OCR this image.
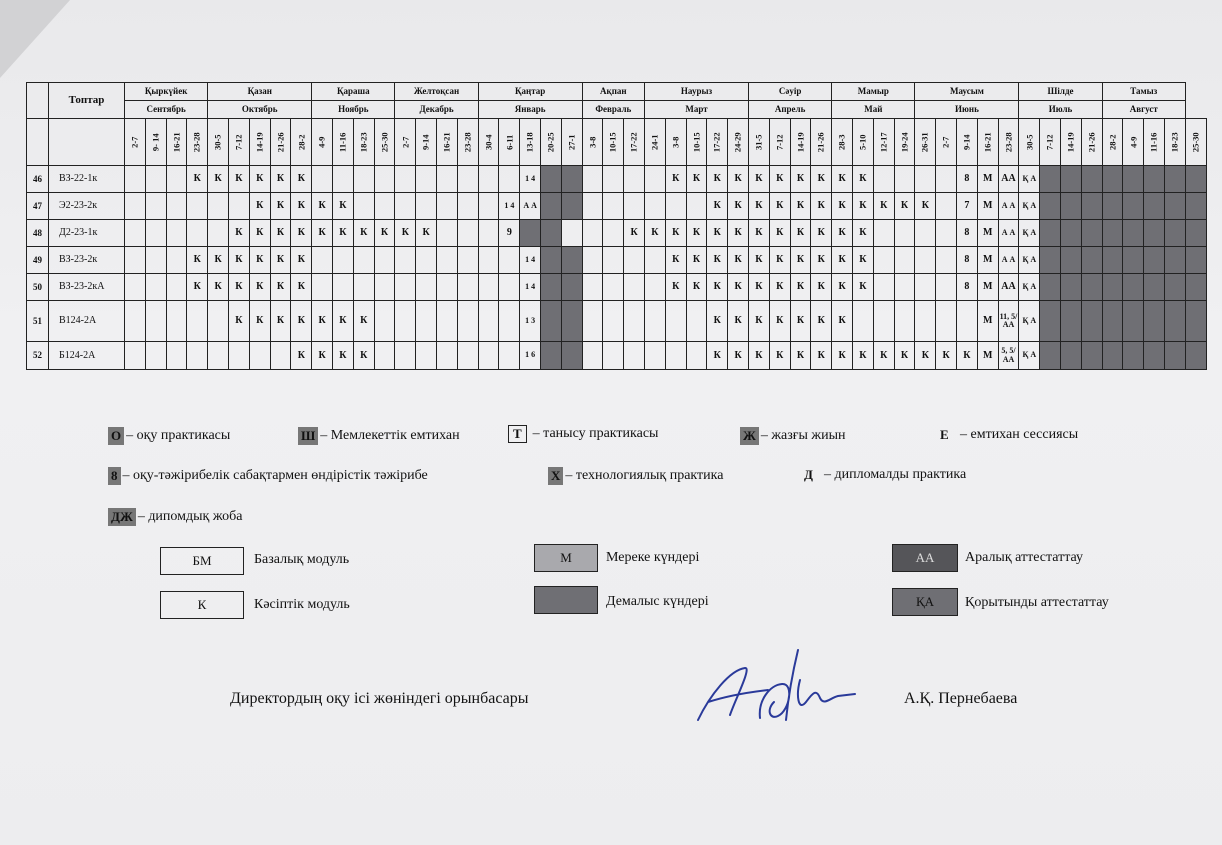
	Топтар	Қыркүйек				Қазан					Қараша				Желтоқсан				Қаңтар					Ақпан			Наурыз					Сәуір				Мамыр				Маусым					Шілде				Тамыз				
		Сентябрь				Октябрь					Ноябрь				Декабрь				Январь					Февраль			Март					Апрель				Май				Июнь					Июль				Август				
		2-7	9- 14	16-21	23-28	30-5	7-12	14-19	21-26	28-2	4-9	11-16	18-23	25-30	2-7	9-14	16-21	23-28	30-4	6-11	13-18	20-25	27-1	3-8	10-15	17-22	24-1	3-8	10-15	17-22	24-29	31-5	7-12	14-19	21-26	28-3	5-10	12-17	19-24	26-31	2-7	9-14	16-21	23-28	30-5	7-12	14-19	21-26	28-2	4-9	11-16	18-23	25-30
46	ВЗ-22-1к				К	К	К	К	К	К											1 4							К	К	К	К	К	К	К	К	К	К					8	М	АА	Қ А								
47	Э2-23-2к							К	К	К	К	К								1 4	А А									К	К	К	К	К	К	К	К	К	К	К		7	М	А А	Қ А								
48	Д2-23-1к						К	К	К	К	К	К	К	К	К	К				9						К	К	К	К	К	К	К	К	К	К	К	К					8	М	А А	Қ А								
49	ВЗ-23-2к				К	К	К	К	К	К											1 4							К	К	К	К	К	К	К	К	К	К					8	М	А А	Қ А								
50	ВЗ-23-2кА				К	К	К	К	К	К											1 4							К	К	К	К	К	К	К	К	К	К					8	М	АА	Қ А								
51	В124-2А						К	К	К	К	К	К	К								1 3									К	К	К	К	К	К	К							М	11, 5/ АА	Қ А								
52	Б124-2А									К	К	К	К								1 6									К	К	К	К	К	К	К	К	К	К	К	К	К	М	5, 5/ АА	Қ А								
О – оқу практикасы	Ш – Мемлекеттік емтихан	Т – танысу практикасы	Ж – жазғы жиын	Е – емтихан сессиясы
8 – оқу-тәжірибелік сабақтармен өндірістік тәжірибе	Х – технологиялық практика	Д – дипломалды практика
ДЖ – дипомдық жоба
БМ	Базалық модуль
К	Кәсіптік модуль
М	Мереке күндері
Демалыс күндері
АА	Аралық аттестаттау
ҚА	Қорытынды аттестаттау
Директордың оқу ісі жөніндегі орынбасары	А.Қ. Пернебаева
